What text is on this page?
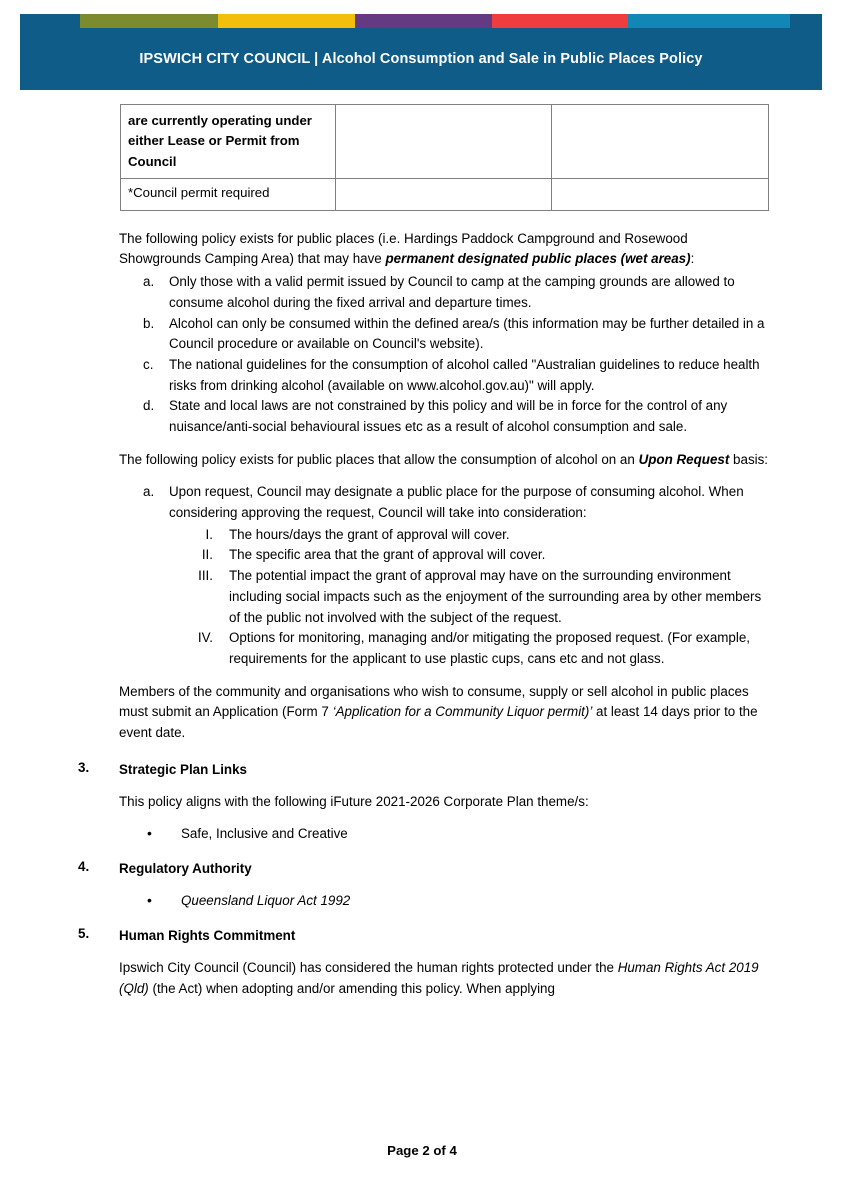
IPSWICH CITY COUNCIL | Alcohol Consumption and Sale in Public Places Policy
are currently operating under either Lease or Permit from Council		
*Council permit required		

The following policy exists for public places (i.e. Hardings Paddock Campground and Rosewood Showgrounds Camping Area) that may have permanent designated public places (wet areas):

a.	Only those with a valid permit issued by Council to camp at the camping grounds are allowed to consume alcohol during the fixed arrival and departure times.
b.	Alcohol can only be consumed within the defined area/s (this information may be further detailed in a Council procedure or available on Council's website).
c.	The national guidelines for the consumption of alcohol called "Australian guidelines to reduce health risks from drinking alcohol (available on www.alcohol.gov.au)" will apply.
d.	State and local laws are not constrained by this policy and will be in force for the control of any nuisance/anti-social behavioural issues etc as a result of alcohol consumption and sale.

The following policy exists for public places that allow the consumption of alcohol on an Upon Request basis:

a.	Upon request, Council may designate a public place for the purpose of consuming alcohol. When considering approving the request, Council will take into consideration:
I. The hours/days the grant of approval will cover.
II. The specific area that the grant of approval will cover.
III. The potential impact the grant of approval may have on the surrounding environment including social impacts such as the enjoyment of the surrounding area by other members of the public not involved with the subject of the request.
IV. Options for monitoring, managing and/or mitigating the proposed request. (For example, requirements for the applicant to use plastic cups, cans etc and not glass.

Members of the community and organisations who wish to consume, supply or sell alcohol in public places must submit an Application (Form 7 ‘Application for a Community Liquor permit)’ at least 14 days prior to the event date.

3.	Strategic Plan Links

This policy aligns with the following iFuture 2021-2026 Corporate Plan theme/s:

• Safe, Inclusive and Creative
4.	Regulatory Authority
• Queensland Liquor Act 1992
5.	Human Rights Commitment

Ipswich City Council (Council) has considered the human rights protected under the Human Rights Act 2019 (Qld) (the Act) when adopting and/or amending this policy. When applying

Page 2 of 4
